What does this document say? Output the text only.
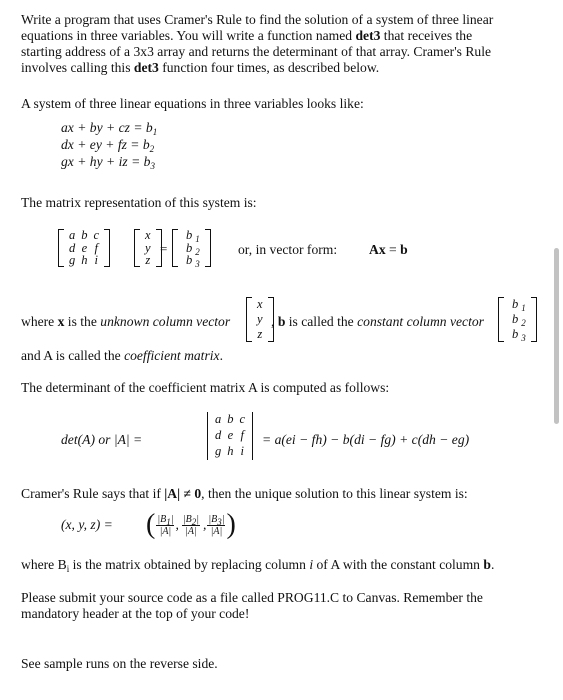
Write a program that uses Cramer's Rule to find the solution of a system of three linear

equations in three variables. You will write a function named det3 that receives the

starting address of a 3x3 array and returns the determinant of that array. Cramer's Rule

involves calling this det3 function four times, as described below.

A system of three linear equations in three variables looks like:
ax + by + cz = $b_1$
dx + ey + fz = $b_2$
gx + hy + iz = $b_3$
The matrix representation of this system is:
a b c
d e f
g h i
x
y
z
=
b $_1$
b $_2$
b $_3$
or, in vector form: Ax = b
where x is the unknown column vector
x
y
z
, b is called the constant column vector
b $_1$
b $_2$
b $_3$
and A is called the coefficient matrix.
The determinant of the coefficient matrix A is computed as follows:
det(A) or |A| =
a b c
d e f
g h i
= a(ei − fh) − b(di − fg) + c(dh − eg)
Cramer's Rule says that if |A| ≠ 0, then the unique solution to this linear system is:
(x, y, z) = ( $|B_1|$
|A| , $|B_2|$
|A| , $|B_3|$
|A| )
where $B_i$ is the matrix obtained by replacing column i of A with the constant column b.

Please submit your source code as a file called PROG11.C to Canvas. Remember the

mandatory header at the top of your code!

See sample runs on the reverse side.
